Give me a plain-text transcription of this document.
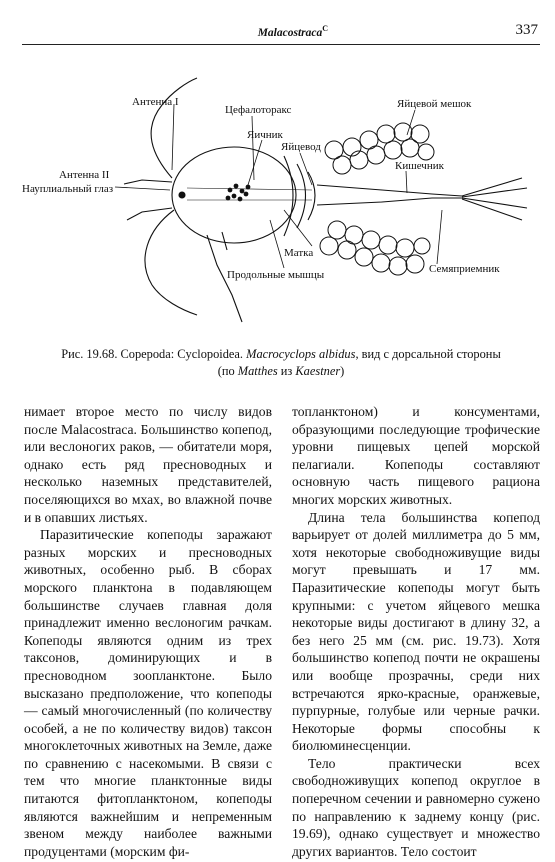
Malacostraca$^C$	337
Антенна I
Цефалоторакс
Яичник
Яйцевод
Яйцевой мешок
Кишечник
Антенна II
Науплиальный глаз
Матка
Продольные мышцы	Семяприемник
Рис. 19.68. Copepoda: Cyclopoidea. Macrocyclops albidus, вид с дорсальной стороны
(по Matthes из Kaestner)

нимает второе место по числу видов после Malacostraca. Большинство копепод, или веслоногих раков, — обитатели моря, однако есть ряд пресноводных и несколько наземных представителей, поселяющихся во мхах, во влажной почве и в опавших листьях.

Паразитические копеподы заражают разных морских и пресноводных животных, особенно рыб. В сборах морского планктона в подавляющем большинстве случаев главная доля принадлежит именно веслоногим рачкам. Копеподы являются одним из трех таксонов, доминирующих и в пресноводном зоопланктоне. Было высказано предположение, что копеподы — самый многочисленный (по количеству особей, а не по количеству видов) таксон многоклеточных животных на Земле, даже по сравнению с насекомыми. В связи с тем что многие планктонные виды питаются фитопланктоном, копеподы являются важнейшим и непременным звеном между наиболее важными продуцентами (морским фи-

топланктоном) и консументами, образующими последующие трофические уровни пищевых цепей морской пелагиали. Копеподы составляют основную часть пищевого рациона многих морских животных.

Длина тела большинства копепод варьирует от долей миллиметра до 5 мм, хотя некоторые свободноживущие виды могут превышать и 17 мм. Паразитические копеподы могут быть крупными: с учетом яйцевого мешка некоторые виды достигают в длину 32, а без него 25 мм (см. рис. 19.73). Хотя большинство копепод почти не окрашены или вообще прозрачны, среди них встречаются ярко-красные, оранжевые, пурпурные, голубые или черные рачки. Некоторые формы способны к биолюминесценции.

Тело практически всех свободноживущих копепод округлое в поперечном сечении и равномерно сужено по направлению к заднему концу (рис. 19.69), однако существует и множество других вариантов. Тело состоит
